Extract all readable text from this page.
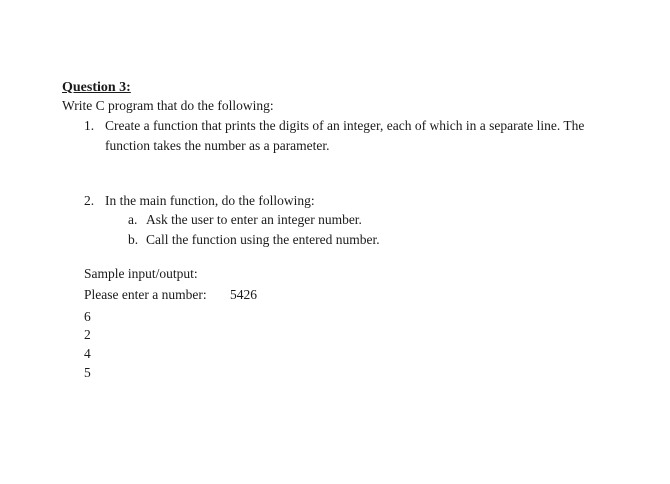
Question 3:
Write C program that do the following:
1. Create a function that prints the digits of an integer, each of which in a separate line. The
function takes the number as a parameter.
2. In the main function, do the following:
a. Ask the user to enter an integer number.
b. Call the function using the entered number.
Sample input/output:
Please enter a number: 5426
6
2
4
5
